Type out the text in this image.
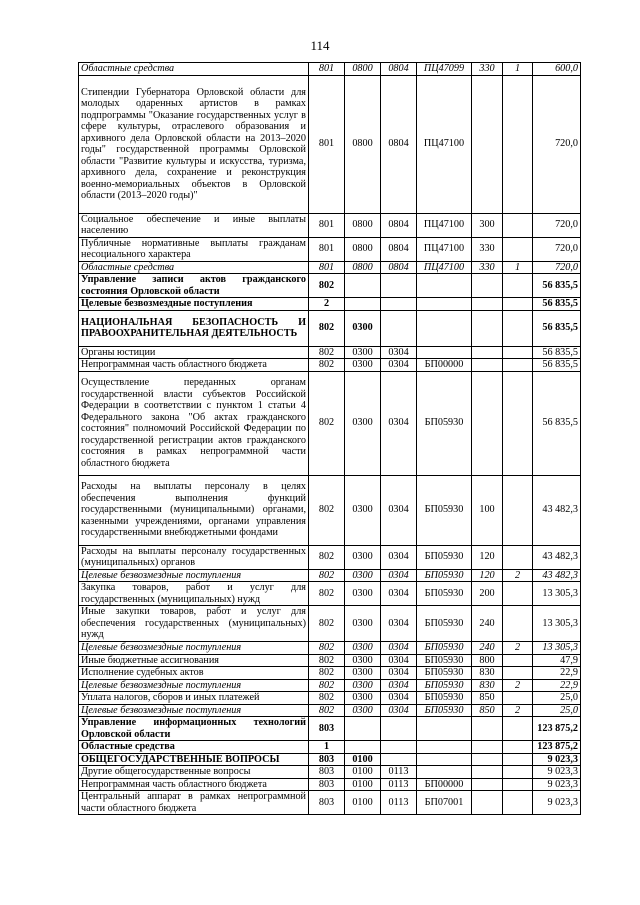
114
Областные средства	801	0800	0804	ПЦ47099	330	1	600,0
Стипендии Губернатора Орловской области для молодых одаренных артистов в рамках подпрограммы "Оказание государственных услуг в сфере культуры, отраслевого образования и архивного дела Орловской области на 2013–2020 годы" государственной программы Орловской области "Развитие культуры и искусства, туризма, архивного дела, сохранение и реконструкция военно-мемориальных объектов в Орловской области (2013–2020 годы)"	801	0800	0804	ПЦ47100			720,0
Социальное обеспечение и иные выплаты населению	801	0800	0804	ПЦ47100	300		720,0
Публичные нормативные выплаты гражданам несоциального характера	801	0800	0804	ПЦ47100	330		720,0
Областные средства	801	0800	0804	ПЦ47100	330	1	720,0
Управление записи актов гражданского состояния Орловской области	802						56 835,5
Целевые безвозмездные поступления	2						56 835,5
НАЦИОНАЛЬНАЯ БЕЗОПАСНОСТЬ И ПРАВООХРАНИТЕЛЬНАЯ ДЕЯТЕЛЬНОСТЬ	802	0300					56 835,5
Органы юстиции	802	0300	0304				56 835,5
Непрограммная часть областного бюджета	802	0300	0304	БП00000			56 835,5
Осуществление переданных органам государственной власти субъектов Российской Федерации в соответствии с пунктом 1 статьи 4 Федерального закона "Об актах гражданского состояния" полномочий Российской Федерации по государственной регистрации актов гражданского состояния в рамках непрограммной части областного бюджета	802	0300	0304	БП05930			56 835,5
Расходы на выплаты персоналу в целях обеспечения выполнения функций государственными (муниципальными) органами, казенными учреждениями, органами управления государственными внебюджетными фондами	802	0300	0304	БП05930	100		43 482,3
Расходы на выплаты персоналу государственных (муниципальных) органов	802	0300	0304	БП05930	120		43 482,3
Целевые безвозмездные поступления	802	0300	0304	БП05930	120	2	43 482,3
Закупка товаров, работ и услуг для государственных (муниципальных) нужд	802	0300	0304	БП05930	200		13 305,3
Иные закупки товаров, работ и услуг для обеспечения государственных (муниципальных) нужд	802	0300	0304	БП05930	240		13 305,3
Целевые безвозмездные поступления	802	0300	0304	БП05930	240	2	13 305,3
Иные бюджетные ассигнования	802	0300	0304	БП05930	800		47,9
Исполнение судебных актов	802	0300	0304	БП05930	830		22,9
Целевые безвозмездные поступления	802	0300	0304	БП05930	830	2	22,9
Уплата налогов, сборов и иных платежей	802	0300	0304	БП05930	850		25,0
Целевые безвозмездные поступления	802	0300	0304	БП05930	850	2	25,0
Управление информационных технологий Орловской области	803						123 875,2
Областные средства	1						123 875,2
ОБЩЕГОСУДАРСТВЕННЫЕ ВОПРОСЫ	803	0100					9 023,3
Другие общегосударственные вопросы	803	0100	0113				9 023,3
Непрограммная часть областного бюджета	803	0100	0113	БП00000			9 023,3
Центральный аппарат в рамках непрограммной части областного бюджета	803	0100	0113	БП07001			9 023,3
